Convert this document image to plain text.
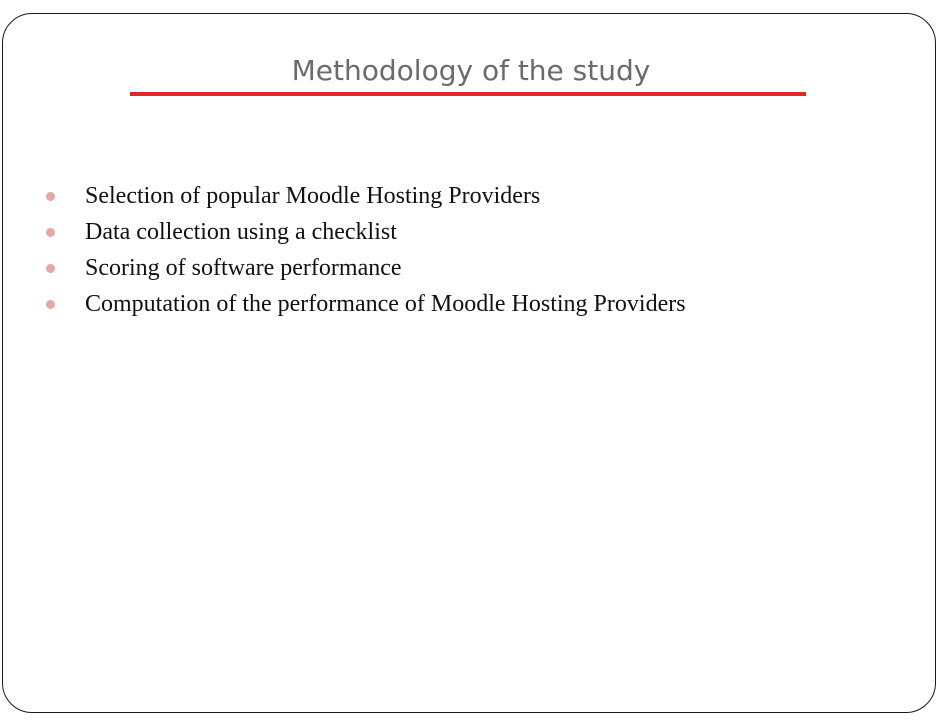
Methodology of the study
Selection of popular Moodle Hosting Providers
Data collection using a checklist
Scoring of software performance
Computation of the performance of Moodle Hosting Providers
